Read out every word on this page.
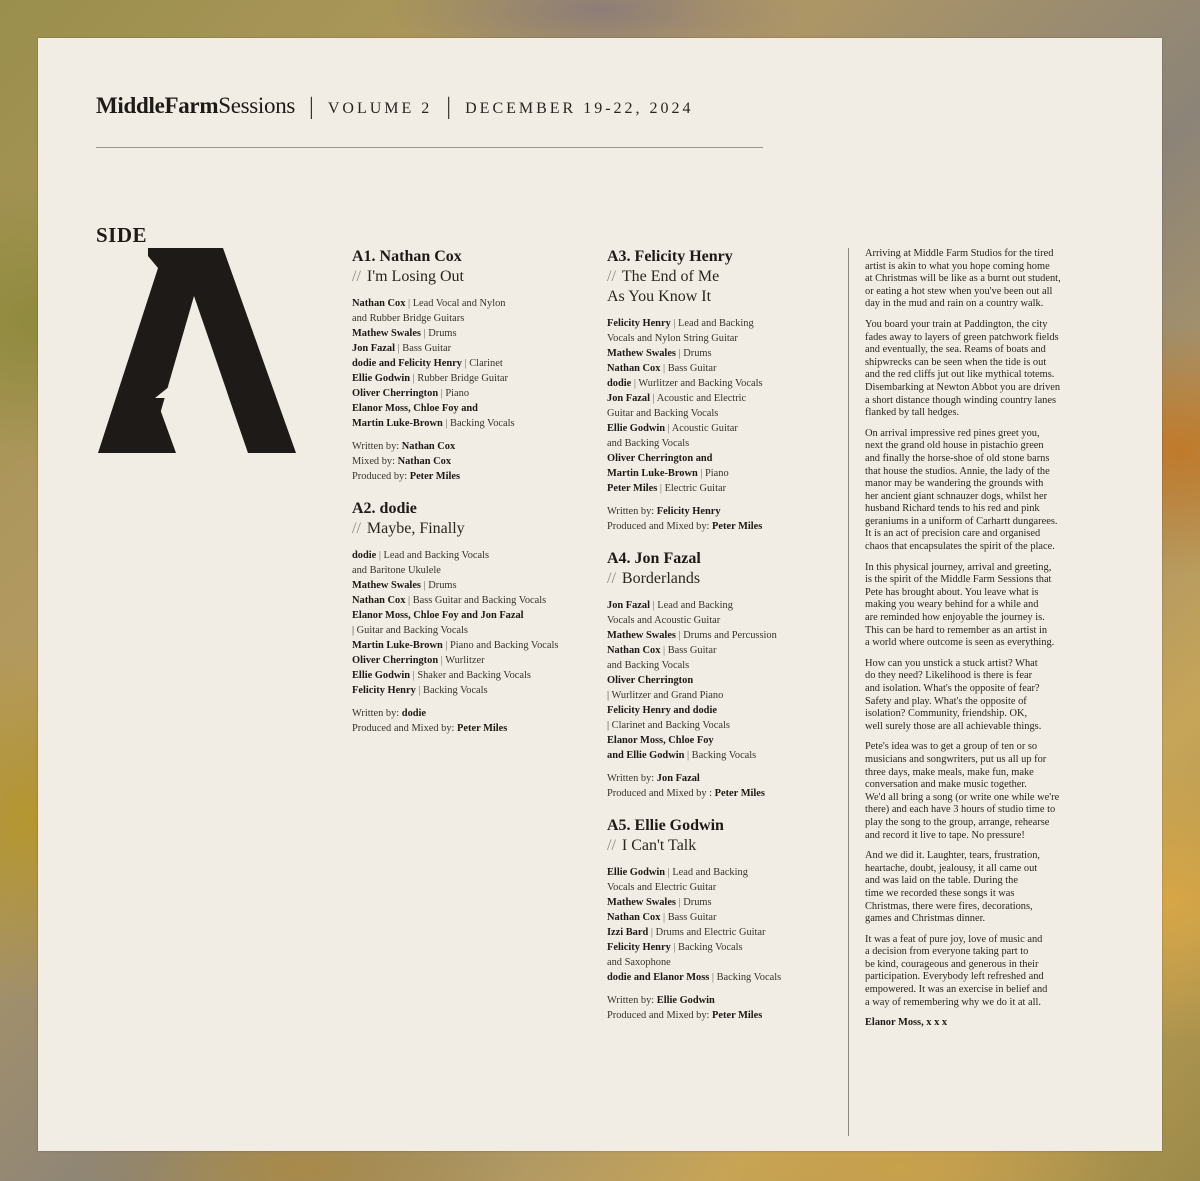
MiddleFarm Sessions | VOLUME 2 | DECEMBER 19-22, 2024
SIDE
A1. Nathan Cox
// I'm Losing Out
Nathan Cox | Lead Vocal and Nylon
and Rubber Bridge Guitars
Mathew Swales | Drums
Jon Fazal | Bass Guitar
dodie and Felicity Henry | Clarinet
Ellie Godwin | Rubber Bridge Guitar
Oliver Cherrington | Piano
Elanor Moss, Chloe Foy and
Martin Luke-Brown | Backing Vocals
Written by: Nathan Cox
Mixed by: Nathan Cox
Produced by: Peter Miles
A2. dodie
// Maybe, Finally
dodie | Lead and Backing Vocals
and Baritone Ukulele
Mathew Swales | Drums
Nathan Cox | Bass Guitar and Backing Vocals
Elanor Moss, Chloe Foy and Jon Fazal
| Guitar and Backing Vocals
Martin Luke-Brown | Piano and Backing Vocals
Oliver Cherrington | Wurlitzer
Ellie Godwin | Shaker and Backing Vocals
Felicity Henry | Backing Vocals
Written by: dodie
Produced and Mixed by: Peter Miles
A3. Felicity Henry
// The End of Me
As You Know It
Felicity Henry | Lead and Backing
Vocals and Nylon String Guitar
Mathew Swales | Drums
Nathan Cox | Bass Guitar
dodie | Wurlitzer and Backing Vocals
Jon Fazal | Acoustic and Electric
Guitar and Backing Vocals
Ellie Godwin | Acoustic Guitar
and Backing Vocals
Oliver Cherrington and
Martin Luke-Brown | Piano
Peter Miles | Electric Guitar
Written by: Felicity Henry
Produced and Mixed by: Peter Miles
A4. Jon Fazal
// Borderlands
Jon Fazal | Lead and Backing
Vocals and Acoustic Guitar
Mathew Swales | Drums and Percussion
Nathan Cox | Bass Guitar
and Backing Vocals
Oliver Cherrington
| Wurlitzer and Grand Piano
Felicity Henry and dodie
| Clarinet and Backing Vocals
Elanor Moss, Chloe Foy
and Ellie Godwin | Backing Vocals
Written by: Jon Fazal
Produced and Mixed by : Peter Miles
A5. Ellie Godwin
// I Can't Talk
Ellie Godwin | Lead and Backing
Vocals and Electric Guitar
Mathew Swales | Drums
Nathan Cox | Bass Guitar
Izzi Bard | Drums and Electric Guitar
Felicity Henry | Backing Vocals
and Saxophone
dodie and Elanor Moss | Backing Vocals
Written by: Ellie Godwin
Produced and Mixed by: Peter Miles

Arriving at Middle Farm Studios for the tired
artist is akin to what you hope coming home
at Christmas will be like as a burnt out student,
or eating a hot stew when you've been out all
day in the mud and rain on a country walk.

You board your train at Paddington, the city
fades away to layers of green patchwork fields
and eventually, the sea. Reams of boats and
shipwrecks can be seen when the tide is out
and the red cliffs jut out like mythical totems.
Disembarking at Newton Abbot you are driven
a short distance though winding country lanes
flanked by tall hedges.

On arrival impressive red pines greet you,
next the grand old house in pistachio green
and finally the horse-shoe of old stone barns
that house the studios. Annie, the lady of the
manor may be wandering the grounds with
her ancient giant schnauzer dogs, whilst her
husband Richard tends to his red and pink
geraniums in a uniform of Carhartt dungarees.
It is an act of precision care and organised
chaos that encapsulates the spirit of the place.

In this physical journey, arrival and greeting,
is the spirit of the Middle Farm Sessions that
Pete has brought about. You leave what is
making you weary behind for a while and
are reminded how enjoyable the journey is.
This can be hard to remember as an artist in
a world where outcome is seen as everything.

How can you unstick a stuck artist? What
do they need? Likelihood is there is fear
and isolation. What's the opposite of fear?
Safety and play. What's the opposite of
isolation? Community, friendship. OK,
well surely those are all achievable things.

Pete's idea was to get a group of ten or so
musicians and songwriters, put us all up for
three days, make meals, make fun, make
conversation and make music together.
We'd all bring a song (or write one while we're
there) and each have 3 hours of studio time to
play the song to the group, arrange, rehearse
and record it live to tape. No pressure!

And we did it. Laughter, tears, frustration,
heartache, doubt, jealousy, it all came out
and was laid on the table. During the
time we recorded these songs it was
Christmas, there were fires, decorations,
games and Christmas dinner.

It was a feat of pure joy, love of music and
a decision from everyone taking part to
be kind, courageous and generous in their
participation. Everybody left refreshed and
empowered. It was an exercise in belief and
a way of remembering why we do it at all.

Elanor Moss, x x x
